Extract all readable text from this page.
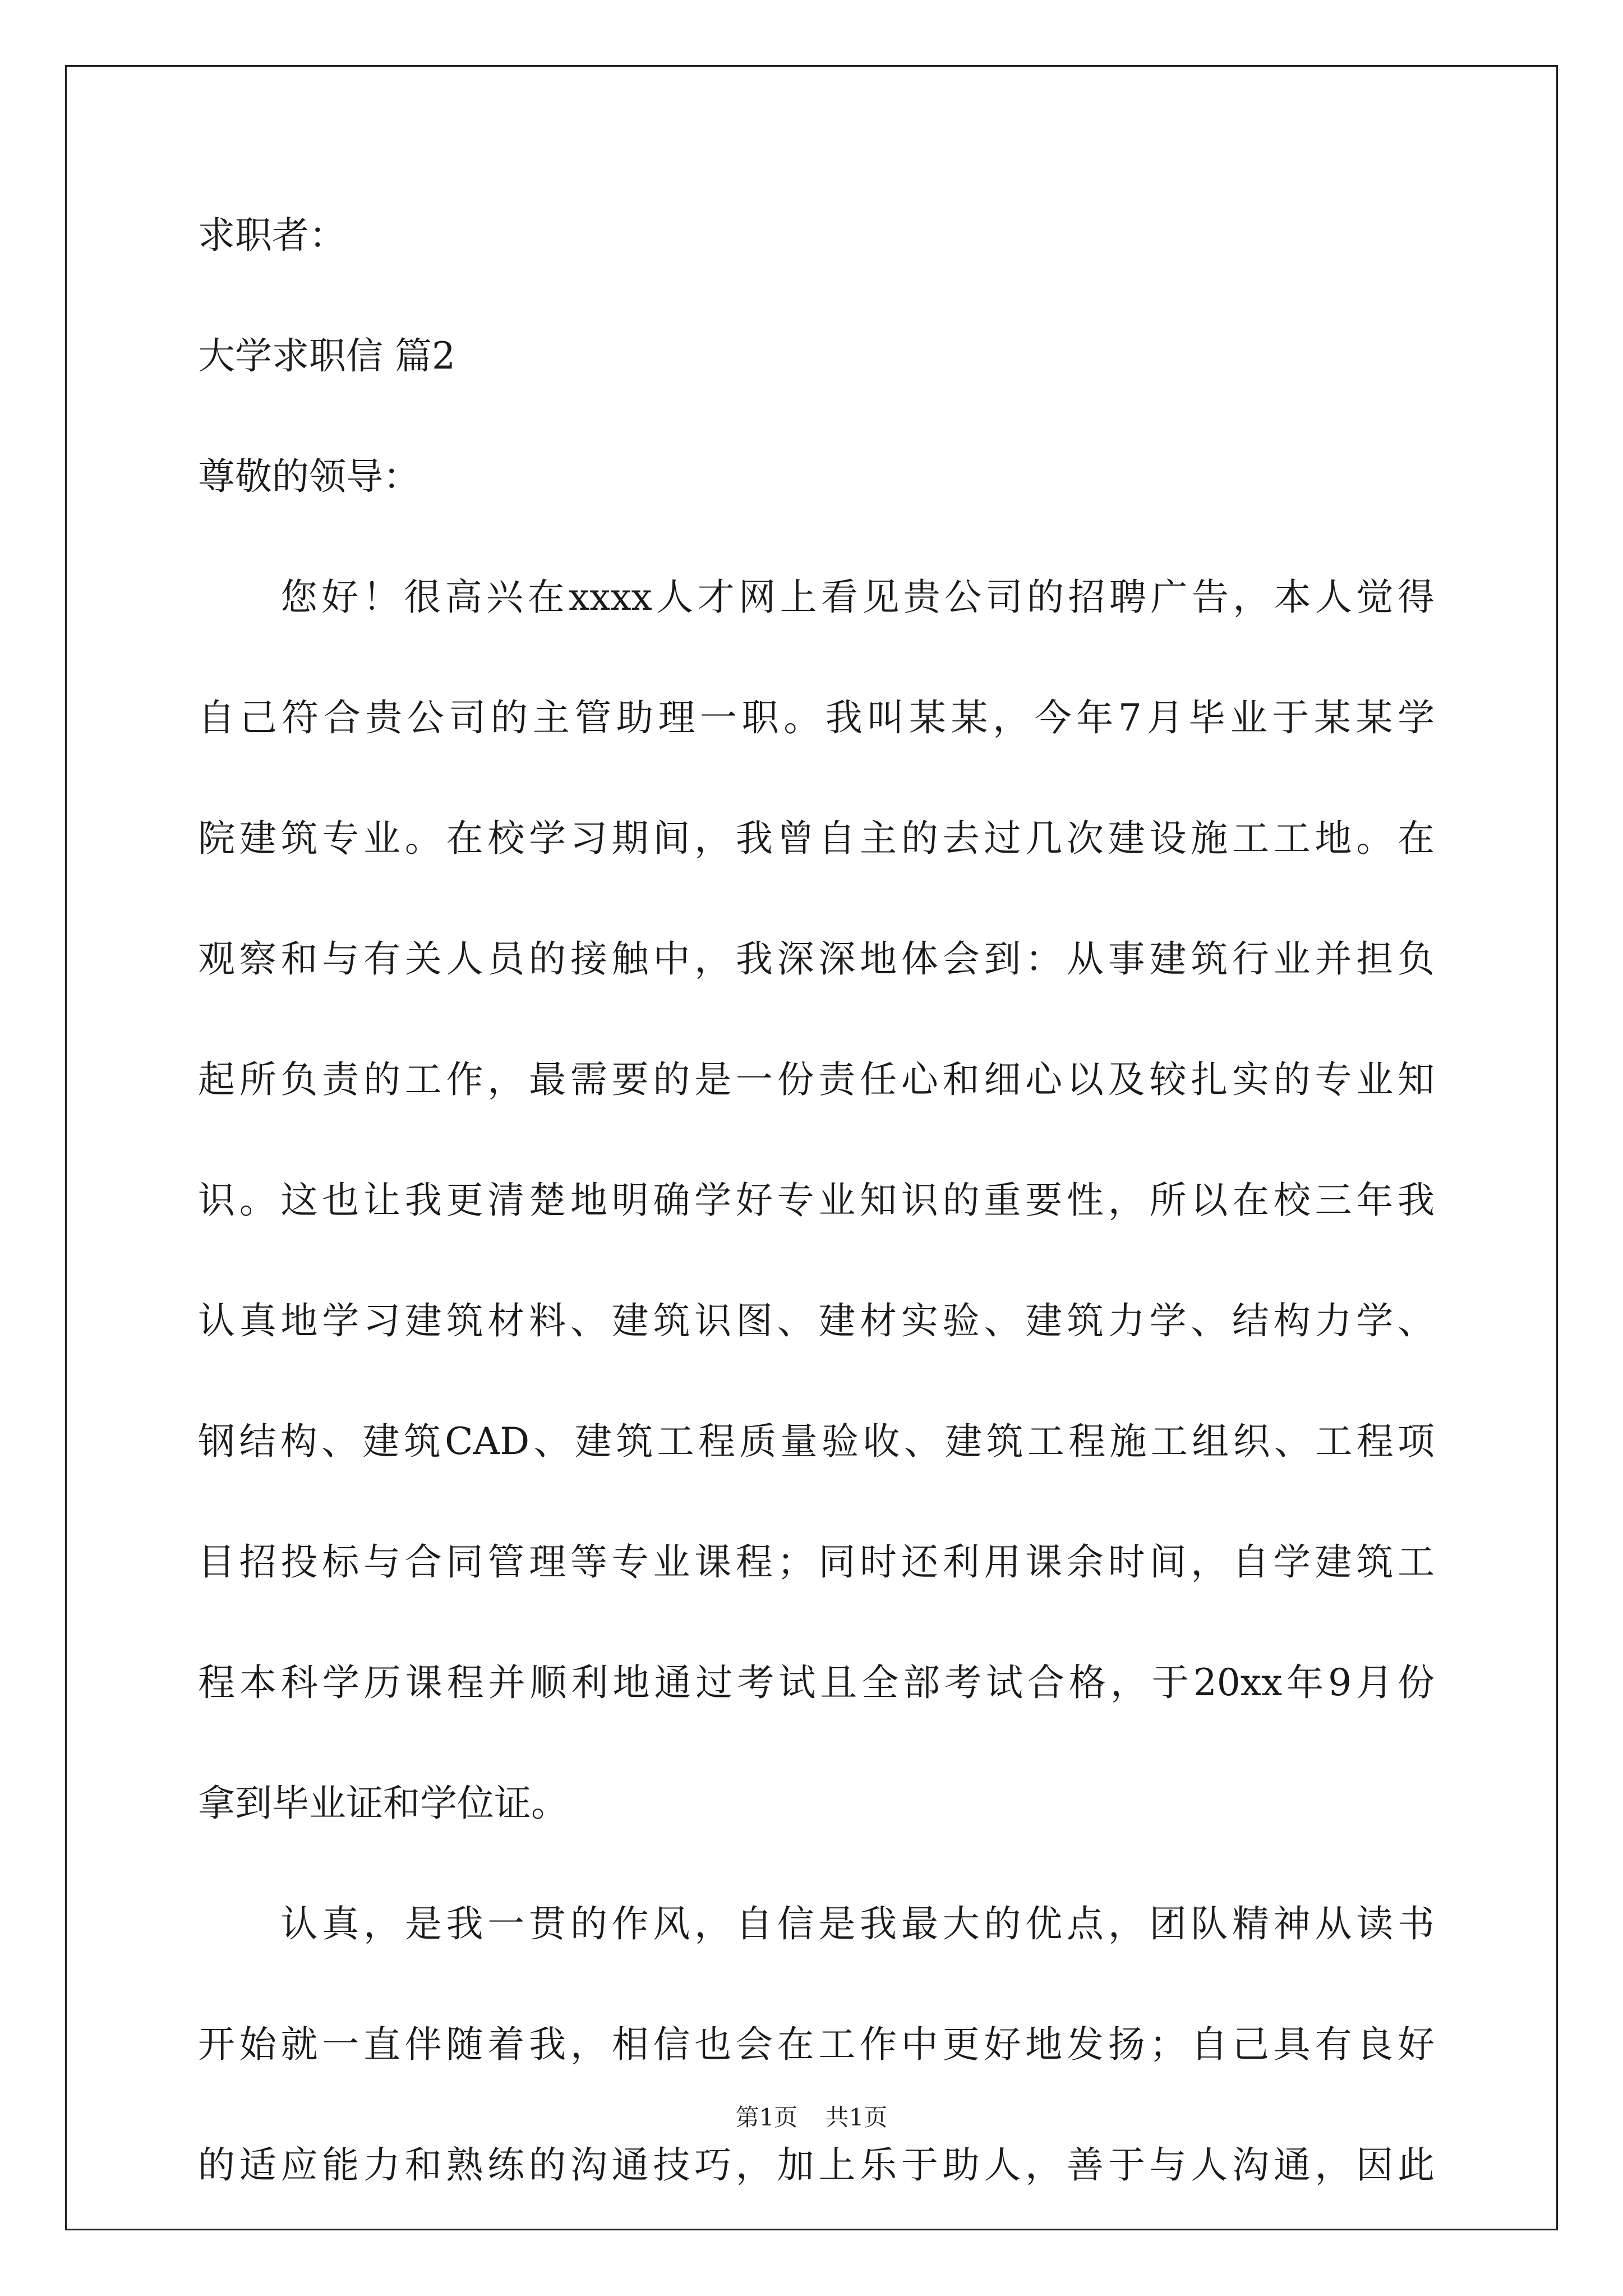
求职者：
大学求职信 篇2
尊敬的领导：
　　您好！很高兴在xxxx人才网上看见贵公司的招聘广告，本人觉得
自己符合贵公司的主管助理一职。我叫某某，今年7月毕业于某某学
院建筑专业。在校学习期间，我曾自主的去过几次建设施工工地。在
观察和与有关人员的接触中，我深深地体会到：从事建筑行业并担负
起所负责的工作，最需要的是一份责任心和细心以及较扎实的专业知
识。这也让我更清楚地明确学好专业知识的重要性，所以在校三年我
认真地学习建筑材料、建筑识图、建材实验、建筑力学、结构力学、
钢结构、建筑CAD、建筑工程质量验收、建筑工程施工组织、工程项
目招投标与合同管理等专业课程；同时还利用课余时间，自学建筑工
程本科学历课程并顺利地通过考试且全部考试合格，于20xx年9月份
拿到毕业证和学位证。
　　认真，是我一贯的作风，自信是我最大的优点，团队精神从读书
开始就一直伴随着我，相信也会在工作中更好地发扬；自己具有良好
的适应能力和熟练的沟通技巧，加上乐于助人，善于与人沟通，因此
第1页 共1页
